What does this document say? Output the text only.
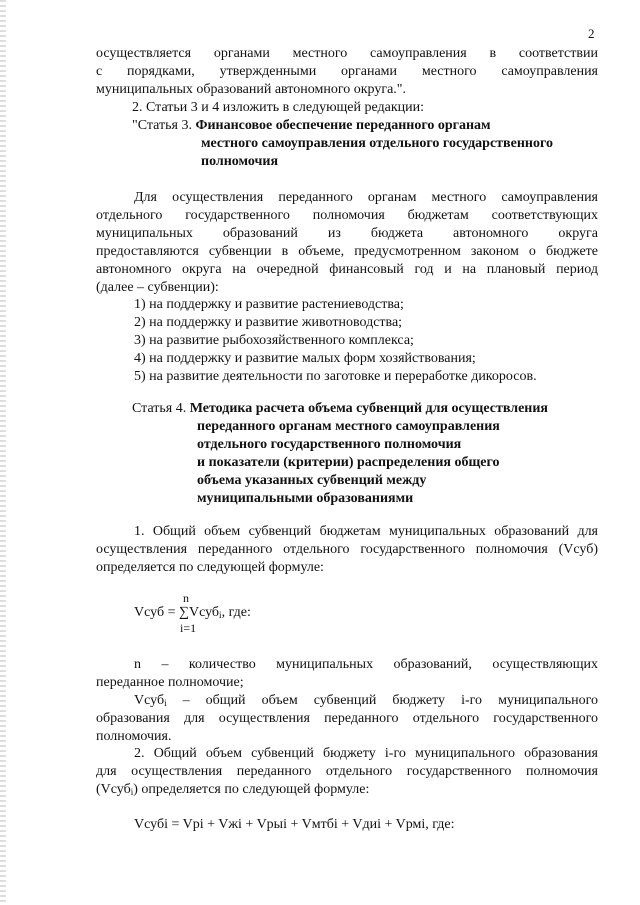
2
осуществляется органами местного самоуправления в соответствии
с порядками, утвержденными органами местного самоуправления
муниципальных образований автономного округа.".
2. Статьи 3 и 4 изложить в следующей редакции:
"Статья 3. Финансовое обеспечение переданного органам
местного самоуправления отдельного государственного
полномочия
Для осуществления переданного органам местного самоуправления
отдельного государственного полномочия бюджетам соответствующих
муниципальных образований из бюджета автономного округа
предоставляются субвенции в объеме, предусмотренном законом о бюджете
автономного округа на очередной финансовый год и на плановый период
(далее – субвенции):
1) на поддержку и развитие растениеводства;
2) на поддержку и развитие животноводства;
3) на развитие рыбохозяйственного комплекса;
4) на поддержку и развитие малых форм хозяйствования;
5) на развитие деятельности по заготовке и переработке дикоросов.
Статья 4. Методика расчета объема субвенций для осуществления
переданного органам местного самоуправления
отдельного государственного полномочия
и показатели (критерии) распределения общего
объема указанных субвенций между
муниципальными образованиями
1. Общий объем субвенций бюджетам муниципальных образований для
осуществления переданного отдельного государственного полномочия (Vсуб)
определяется по следующей формуле:
n
Vсуб = ∑Vсуб$_i$, где:
i=1
n – количество муниципальных образований, осуществляющих
переданное полномочие;
Vсуб$_i$ – общий объем субвенций бюджету i-го муниципального
образования для осуществления переданного отдельного государственного
полномочия.
2. Общий объем субвенций бюджету i-го муниципального образования
для осуществления переданного отдельного государственного полномочия
(Vсуб$_i$) определяется по следующей формуле:
Vсубi = Vрi + Vжi + Vрыi + Vмтбi + Vдиi + Vрмi, где:
